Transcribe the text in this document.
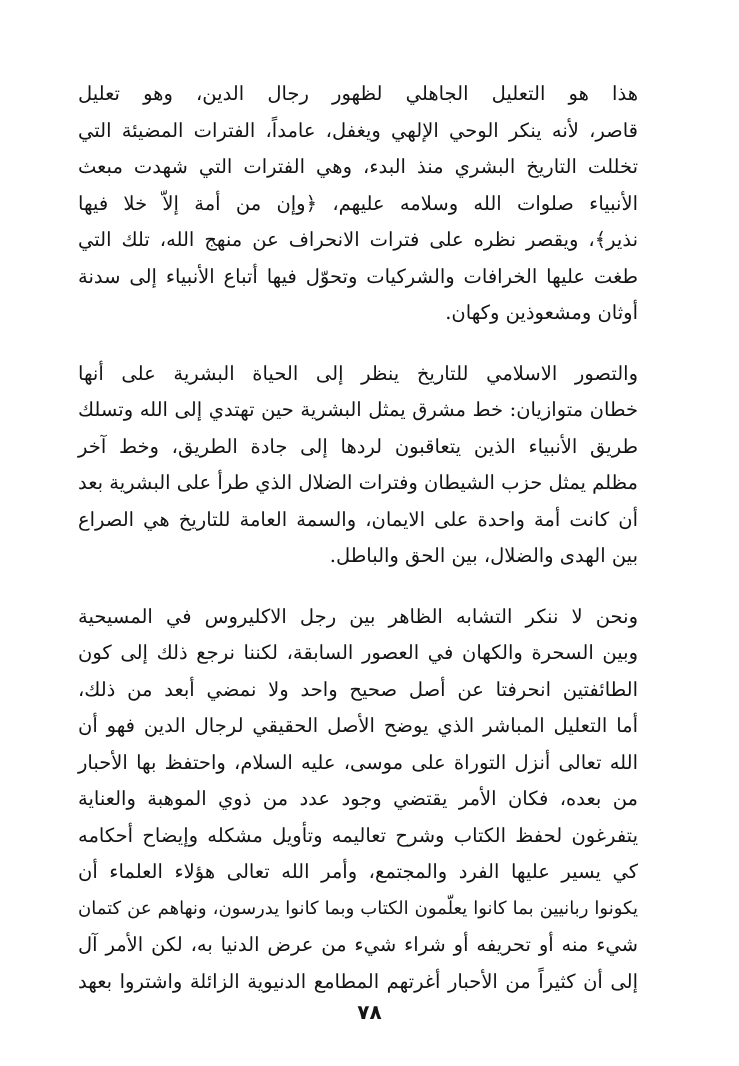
هذا هو التعليل الجاهلي لظهور رجال الدين، وهو تعليل
قاصر، لأنه ينكر الوحي الإلهي ويغفل، عامداً، الفترات المضيئة التي
تخللت التاريخ البشري منذ البدء، وهي الفترات التي شهدت مبعث
الأنبياء صلوات الله وسلامه عليهم، ﴿وإن من أمة إلاّ خلا فيها
نذير﴾، ويقصر نظره على فترات الانحراف عن منهج الله، تلك التي
طغت عليها الخرافات والشركيات وتحوّل فيها أتباع الأنبياء إلى سدنة
أوثان ومشعوذين وكهان.
والتصور الاسلامي للتاريخ ينظر إلى الحياة البشرية على أنها
خطان متوازيان: خط مشرق يمثل البشرية حين تهتدي إلى الله وتسلك
طريق الأنبياء الذين يتعاقبون لردها إلى جادة الطريق، وخط آخر
مظلم يمثل حزب الشيطان وفترات الضلال الذي طرأ على البشرية بعد
أن كانت أمة واحدة على الايمان، والسمة العامة للتاريخ هي الصراع
بين الهدى والضلال، بين الحق والباطل.
ونحن لا ننكر التشابه الظاهر بين رجل الاكليروس في المسيحية
وبين السحرة والكهان في العصور السابقة، لكننا نرجع ذلك إلى كون
الطائفتين انحرفتا عن أصل صحيح واحد ولا نمضي أبعد من ذلك،
أما التعليل المباشر الذي يوضح الأصل الحقيقي لرجال الدين فهو أن
الله تعالى أنزل التوراة على موسى، عليه السلام، واحتفظ بها الأحبار
من بعده، فكان الأمر يقتضي وجود عدد من ذوي الموهبة والعناية
يتفرغون لحفظ الكتاب وشرح تعاليمه وتأويل مشكله وإيضاح أحكامه
كي يسير عليها الفرد والمجتمع، وأمر الله تعالى هؤلاء العلماء أن
يكونوا ربانيين بما كانوا يعلّمون الكتاب وبما كانوا يدرسون، ونهاهم عن كتمان
شيء منه أو تحريفه أو شراء شيء من عرض الدنيا به، لكن الأمر آل
إلى أن كثيراً من الأحبار أغرتهم المطامع الدنيوية الزائلة واشتروا بعهد
٧٨
